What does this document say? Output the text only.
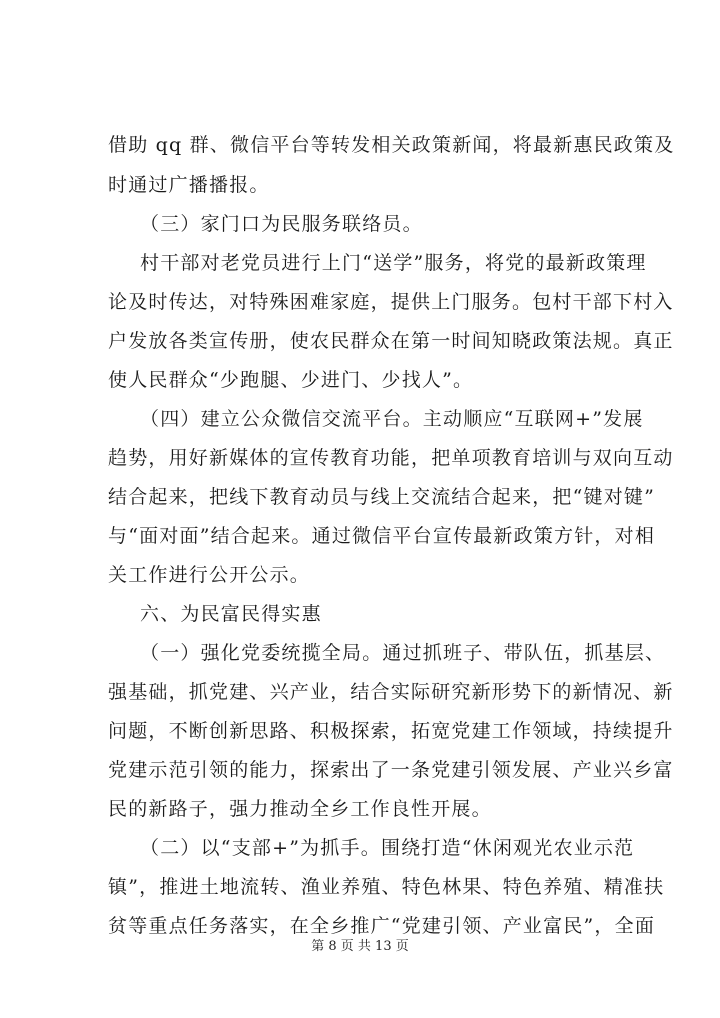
借助 qq 群、微信平台等转发相关政策新闻，将最新惠民政策及
时通过广播播报。
（三）家门口为民服务联络员。
村干部对老党员进行上门“送学”服务，将党的最新政策理
论及时传达，对特殊困难家庭，提供上门服务。包村干部下村入
户发放各类宣传册，使农民群众在第一时间知晓政策法规。真正
使人民群众“少跑腿、少进门、少找人”。
（四）建立公众微信交流平台。主动顺应“互联网+”发展
趋势，用好新媒体的宣传教育功能，把单项教育培训与双向互动
结合起来，把线下教育动员与线上交流结合起来，把“键对键”
与“面对面”结合起来。通过微信平台宣传最新政策方针，对相
关工作进行公开公示。
六、为民富民得实惠
（一）强化党委统揽全局。通过抓班子、带队伍，抓基层、
强基础，抓党建、兴产业，结合实际研究新形势下的新情况、新
问题，不断创新思路、积极探索，拓宽党建工作领域，持续提升
党建示范引领的能力，探索出了一条党建引领发展、产业兴乡富
民的新路子，强力推动全乡工作良性开展。
（二）以“支部+”为抓手。围绕打造“休闲观光农业示范
镇”，推进土地流转、渔业养殖、特色林果、特色养殖、精准扶
贫等重点任务落实，在全乡推广“党建引领、产业富民”，全面
第 8 页 共 13 页
